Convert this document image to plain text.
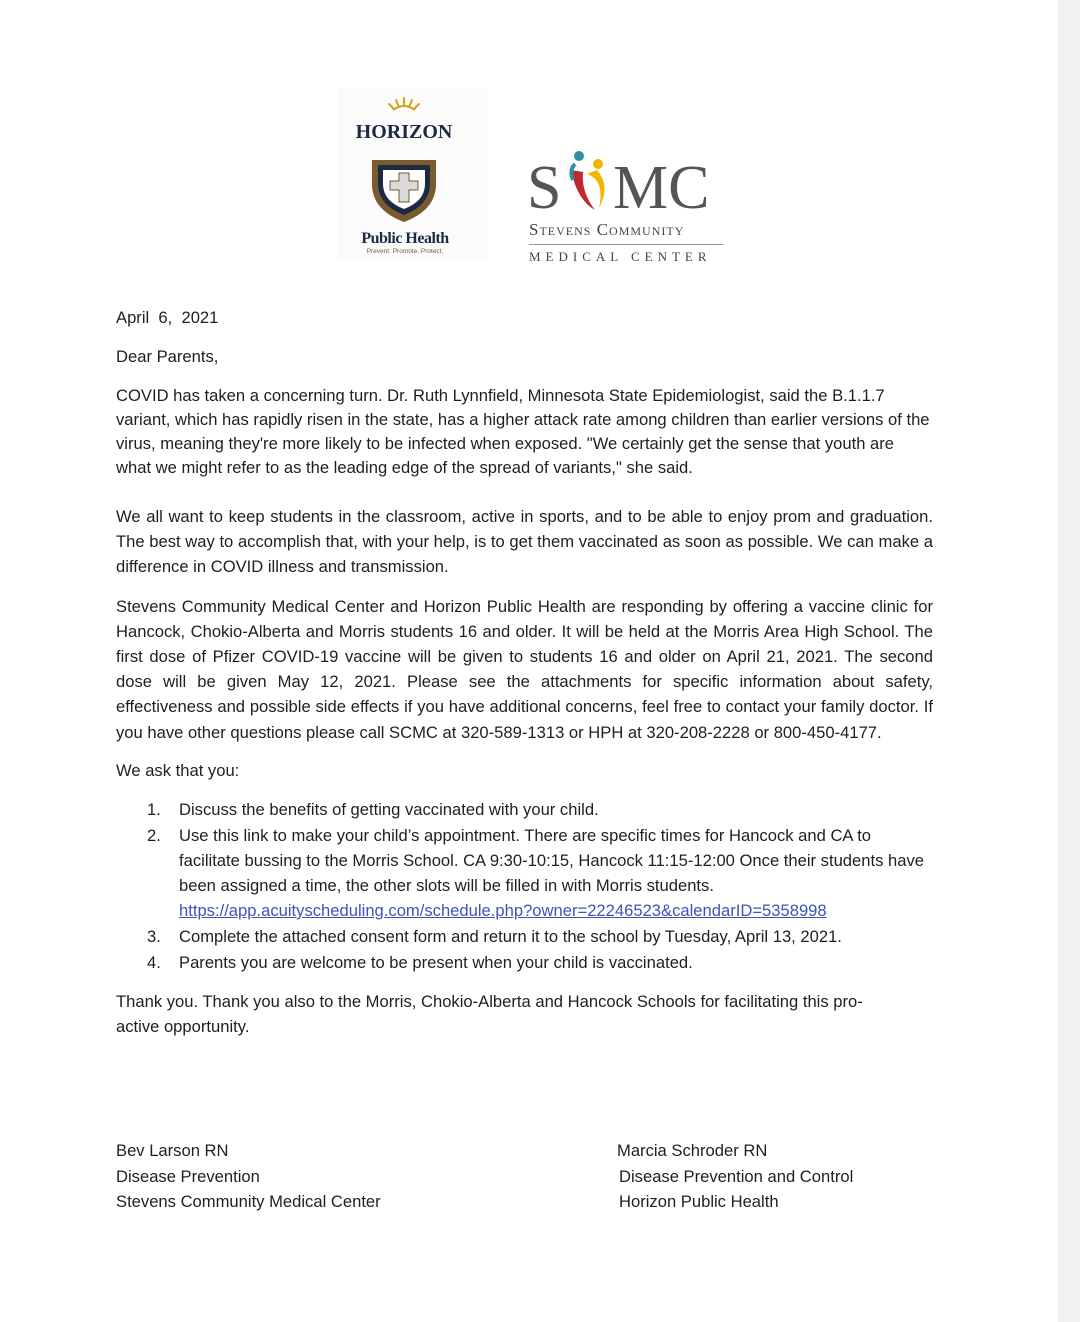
HORIZON
Public Health
Prevent. Promote. Protect.
S MC
Stevens Community
MEDICAL CENTER

April  6,  2021

Dear Parents,

COVID has taken a concerning turn. Dr. Ruth Lynnfield, Minnesota State Epidemiologist, said the B.1.1.7 variant, which has rapidly risen in the state, has a higher attack rate among children than earlier versions of the virus, meaning they're more likely to be infected when exposed. "We certainly get the sense that youth are what we might refer to as the leading edge of the spread of variants," she said.

We all want to keep students in the classroom, active in sports, and to be able to enjoy prom and graduation. The best way to accomplish that, with your help, is to get them vaccinated as soon as possible. We can make a difference in COVID illness and transmission.

Stevens Community Medical Center and Horizon Public Health are responding by offering a vaccine clinic for Hancock, Chokio-Alberta and Morris students 16 and older. It will be held at the Morris Area High School. The first dose of Pfizer COVID-19 vaccine will be given to students 16 and older on April 21, 2021. The second dose will be given May 12, 2021. Please see the attachments for specific information about safety, effectiveness and possible side effects if you have additional concerns, feel free to contact your family doctor. If you have other questions please call SCMC at 320-589-1313 or HPH at 320-208-2228 or 800-450-4177.

We ask that you:

1. Discuss the benefits of getting vaccinated with your child.
2. Use this link to make your child’s appointment. There are specific times for Hancock and CA to facilitate bussing to the Morris School. CA 9:30-10:15, Hancock 11:15-12:00 Once their students have been assigned a time, the other slots will be filled in with Morris students.
https://app.acuityscheduling.com/schedule.php?owner=22246523&calendarID=5358998
3. Complete the attached consent form and return it to the school by Tuesday, April 13, 2021.
4. Parents you are welcome to be present when your child is vaccinated.

Thank you. Thank you also to the Morris, Chokio-Alberta and Hancock Schools for facilitating this pro-active opportunity.

Bev Larson RN
Disease Prevention
Stevens Community Medical Center
Marcia Schroder RN
Disease Prevention and Control
Horizon Public Health
